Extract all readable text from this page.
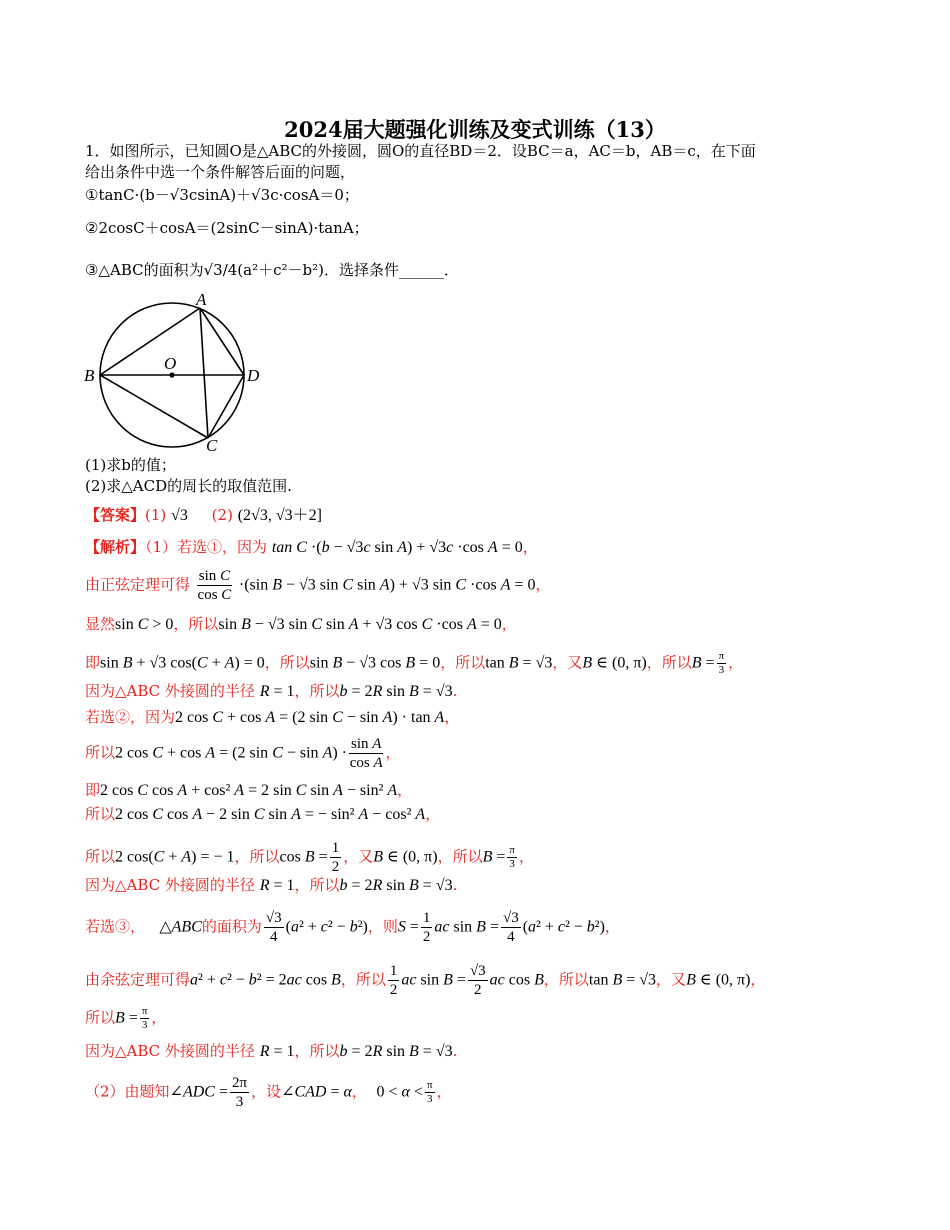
2024届大题强化训练及变式训练（13）
1．如图所示，已知圆O是△ABC的外接圆，圆O的直径BD＝2．设BC＝a，AC＝b，AB＝c，在下面
给出条件中选一个条件解答后面的问题，
①tanC·(b－√3csinA)＋√3c·cosA＝0；
②2cosC＋cosA＝(2sinC－sinA)·tanA；
③△ABC的面积为√3/4(a²＋c²－b²)．选择条件______．
A
B
C
D
O
(1)求b的值；
(2)求△ACD的周长的取值范围.
【答案】(1) √3 (2) (2√3, √3＋2]
【解析】（1）若选①，因为 tan C ·(b − √3c sin A) + √3c ·cos A = 0，
由正弦定理可得 $\frac{\text{sin C}}{\text{cos C}} \cdot(\sin$ B − √3 sin C sin A) + √3 sin C ·cos A = 0，
显然sin C > 0，所以sin B − √3 sin C sin A + √3 cos C ·cos A = 0，
即sin B + √3 cos(C + A) = 0，所以sin B − √3 cos B = 0，所以tan B = √3，又B ∈ (0, π)，所以$B = \frac{\pi}{3}$ ，
因为△ABC 外接圆的半径 R = 1，所以b = 2R sin B = √3.
若选②，因为2 cos C + cos A = (2 sin C − sin A) · tan A，
所以2 cos C + cos A = (2 $\sin C - \sin A) \cdot \frac{\text{sin A}}{\text{cos A}}$ ，
即2 cos C cos A + cos² A = 2 sin C sin A − sin² A，
所以2 cos C cos A − 2 sin C sin A = − sin² A − cos² A，
所以2 cos(C + A) = − 1，所以$\cos B = \frac{1}{2}$ ，又B ∈ (0, π)，所以$B = \frac{\pi}{3}$ ，
因为△ABC 外接圆的半径 R = 1，所以b = 2R sin B = √3.
若选③， △ABC的面积为 $\frac{√3}{4} (a^2 + c^2 - b^2)$，则$S = \frac{1}{2}$ ac $\sin B = \frac{√3}{4} (a^2 + c^2 - b^2)$，
由余弦定理可得a² + c² − b² = 2ac cos B，所以 $\frac{1}{2}$ ac $\sin B = \frac{√3}{2}$ ac cos B，所以tan B = √3，又B ∈ (0, π)，
所以$B = \frac{\pi}{3}$ ，
因为△ABC 外接圆的半径 R = 1，所以b = 2R sin B = √3.
（2）由题知∠ADC = $\frac{2\pi}{3}$ ，设∠CAD = α，  $0 < \alpha < \frac{\pi}{3}$ ，
